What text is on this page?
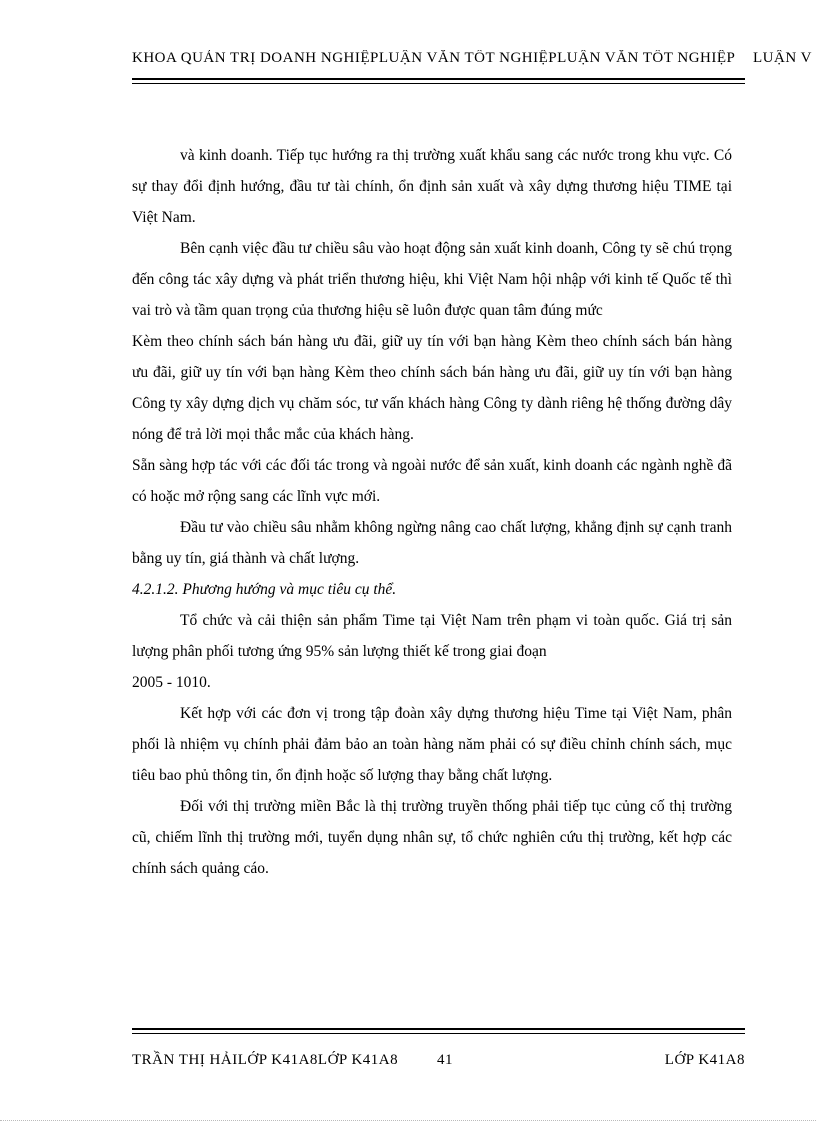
KHOA QUẢN TRỊ DOANH NGHIỆPLUẬN VĂN TỐT NGHIỆPLUẬN VĂN TỐT NGHIỆP LUẬN V

và kinh doanh. Tiếp tục hướng ra thị trường xuất khẩu sang các nước trong khu vực. Có sự thay đổi định hướng, đầu tư tài chính, ổn định sản xuất và xây dựng thương hiệu TIME tại Việt Nam.

Bên cạnh việc đầu tư chiều sâu vào hoạt động sản xuất kinh doanh, Công ty sẽ chú trọng đến công tác xây dựng và phát triển thương hiệu, khi Việt Nam hội nhập với kinh tế Quốc tế thì vai trò và tầm quan trọng của thương hiệu sẽ luôn được quan tâm đúng mức

Kèm theo chính sách bán hàng ưu đãi, giữ uy tín với bạn hàng Kèm theo chính sách bán hàng ưu đãi, giữ uy tín với bạn hàng Kèm theo chính sách bán hàng ưu đãi, giữ uy tín với bạn hàng Công ty xây dựng dịch vụ chăm sóc, tư vấn khách hàng Công ty dành riêng hệ thống đường dây nóng để trả lời mọi thắc mắc của khách hàng.

Sẵn sàng hợp tác với các đối tác trong và ngoài nước để sản xuất, kinh doanh các ngành nghề đã có hoặc mở rộng sang các lĩnh vực mới.

Đầu tư vào chiều sâu nhằm không ngừng nâng cao chất lượng, khẳng định sự cạnh tranh bằng uy tín, giá thành và chất lượng.

4.2.1.2. Phương hướng và mục tiêu cụ thể.

Tổ chức và cải thiện sản phẩm Time tại Việt Nam trên phạm vi toàn quốc. Giá trị sản lượng phân phối tương ứng 95% sản lượng thiết kế trong giai đoạn

2005 - 1010.

Kết hợp với các đơn vị trong tập đoàn xây dựng thương hiệu Time tại Việt Nam, phân phối là nhiệm vụ chính phải đảm bảo an toàn hàng năm phải có sự điều chỉnh chính sách, mục tiêu bao phủ thông tin, ổn định hoặc số lượng thay bằng chất lượng.

Đối với thị trường miền Bắc là thị trường truyền thống phải tiếp tục củng cố thị trường cũ, chiếm lĩnh thị trường mới, tuyển dụng nhân sự, tổ chức nghiên cứu thị trường, kết hợp các chính sách quảng cáo.

TRẦN THỊ HẢILỚP K41A8LỚP K41A8	41	LỚP K41A8
